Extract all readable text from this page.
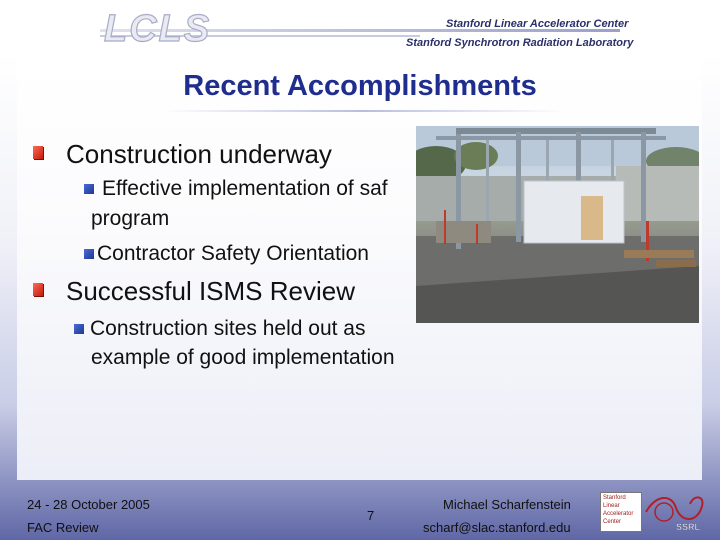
LCLS	Stanford Linear Accelerator Center
Stanford Synchrotron Radiation Laboratory
Recent Accomplishments
Construction underway
Effective implementation of saf
program
Contractor Safety Orientation
Successful ISMS Review
Construction sites held out as
example of good implementation
24 - 28 October 2005
FAC Review
7
Michael Scharfenstein
scharf@slac.stanford.edu
Stanford
Linear
Accelerator
Center	SSRL
